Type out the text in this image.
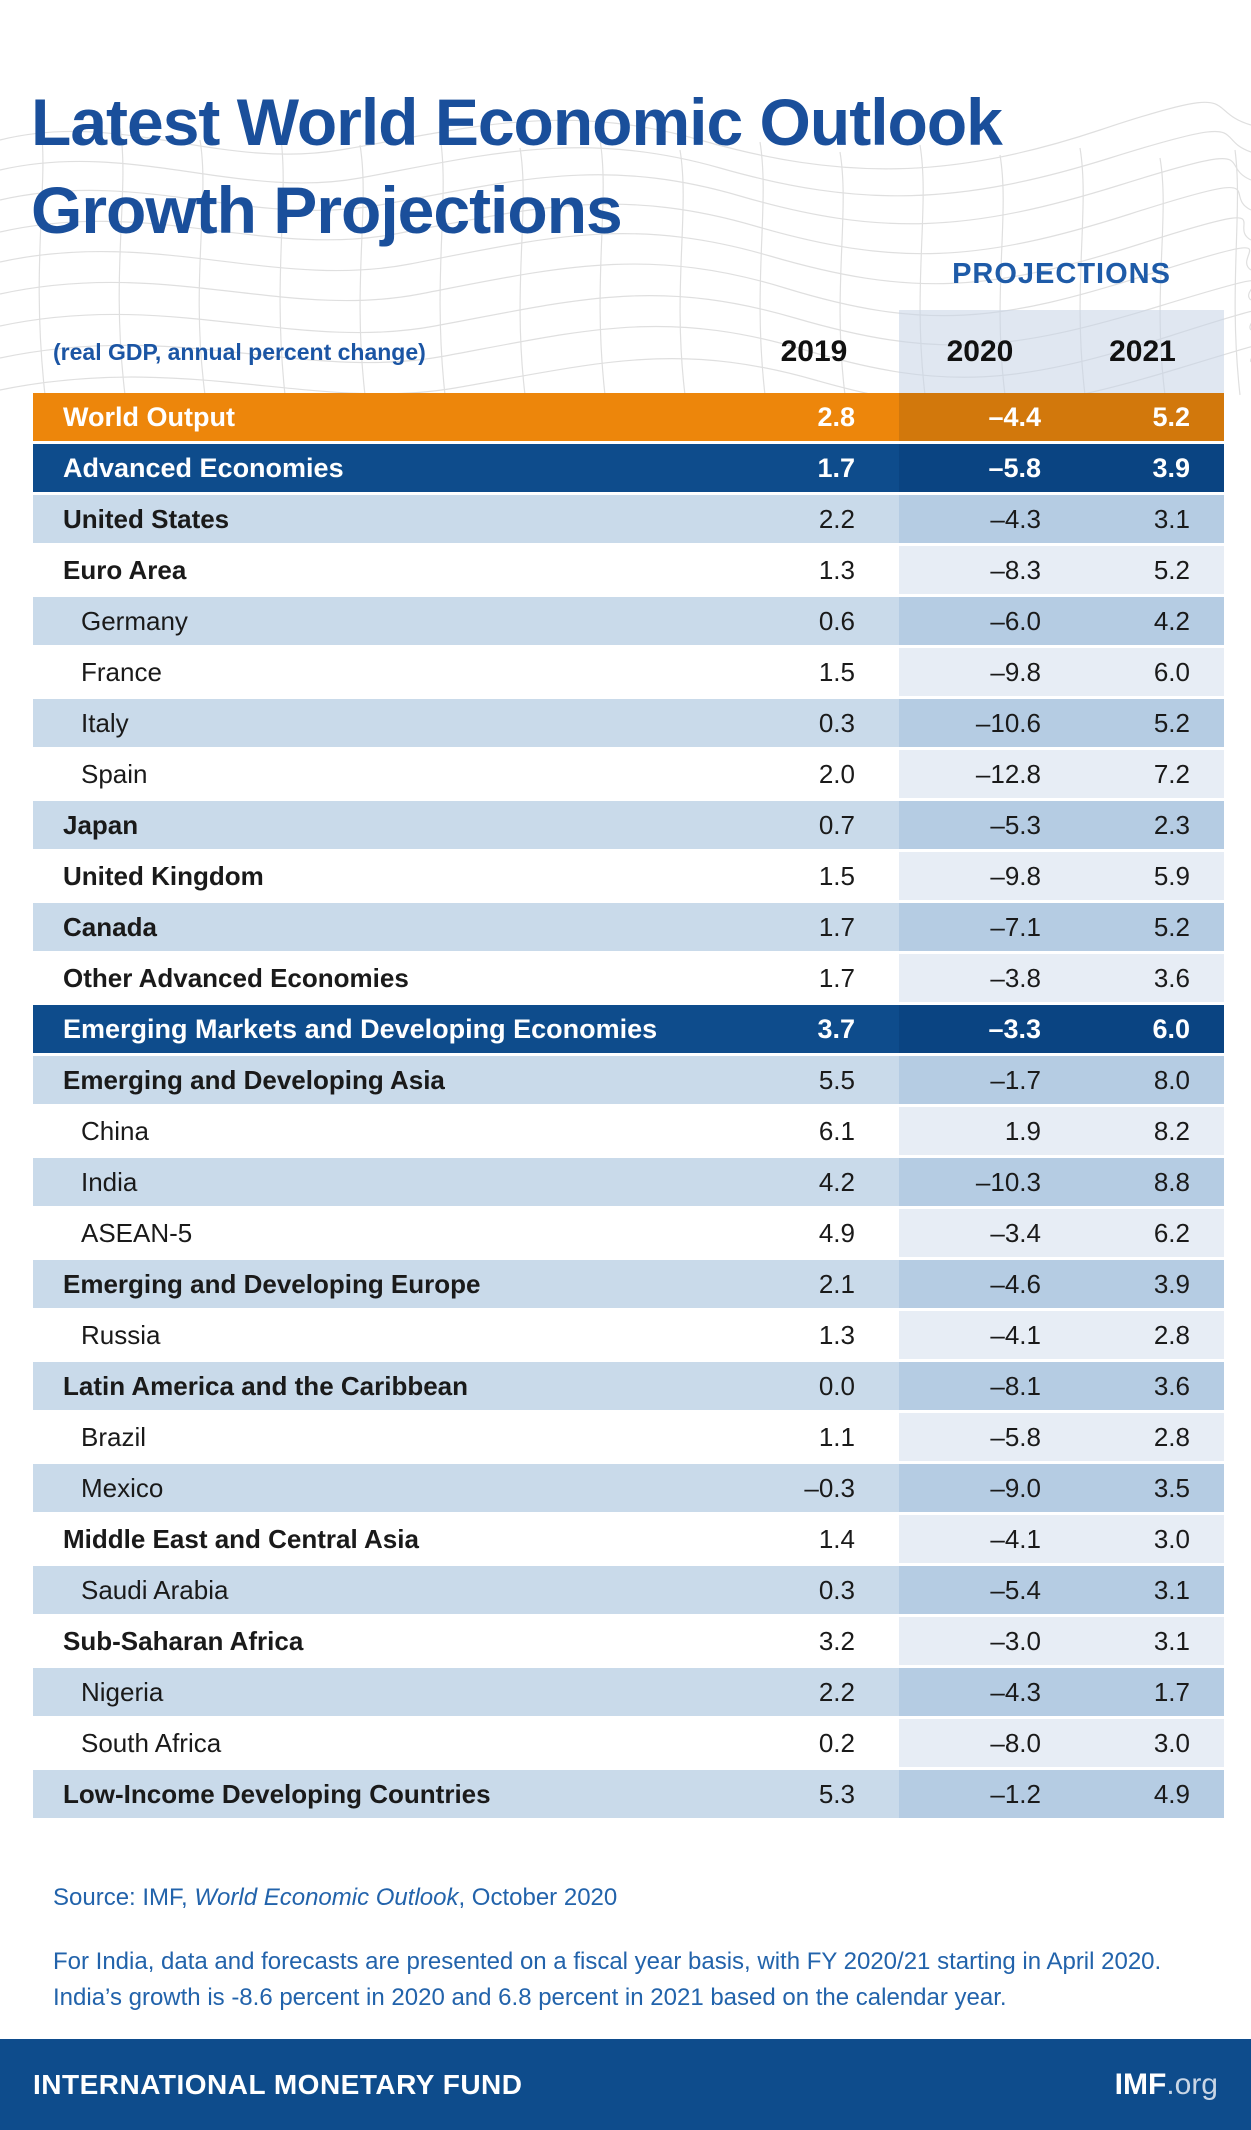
Latest World Economic Outlook
Growth Projections
PROJECTIONS
(real GDP, annual percent change)	2019	2020	2021
World Output	2.8	–4.4	5.2
Advanced Economies	1.7	–5.8	3.9
United States	2.2	–4.3	3.1
Euro Area	1.3	–8.3	5.2
Germany	0.6	–6.0	4.2
France	1.5	–9.8	6.0
Italy	0.3	–10.6	5.2
Spain	2.0	–12.8	7.2
Japan	0.7	–5.3	2.3
United Kingdom	1.5	–9.8	5.9
Canada	1.7	–7.1	5.2
Other Advanced Economies	1.7	–3.8	3.6
Emerging Markets and Developing Economies	3.7	–3.3	6.0
Emerging and Developing Asia	5.5	–1.7	8.0
China	6.1	1.9	8.2
India	4.2	–10.3	8.8
ASEAN-5	4.9	–3.4	6.2
Emerging and Developing Europe	2.1	–4.6	3.9
Russia	1.3	–4.1	2.8
Latin America and the Caribbean	0.0	–8.1	3.6
Brazil	1.1	–5.8	2.8
Mexico	–0.3	–9.0	3.5
Middle East and Central Asia	1.4	–4.1	3.0
Saudi Arabia	0.3	–5.4	3.1
Sub-Saharan Africa	3.2	–3.0	3.1
Nigeria	2.2	–4.3	1.7
South Africa	0.2	–8.0	3.0
Low-Income Developing Countries	5.3	–1.2	4.9
Source: IMF, World Economic Outlook, October 2020
For India, data and forecasts are presented on a fiscal year basis, with FY 2020/21 starting in April 2020.
India’s growth is -8.6 percent in 2020 and 6.8 percent in 2021 based on the calendar year.
INTERNATIONAL MONETARY FUND	IMF.org
